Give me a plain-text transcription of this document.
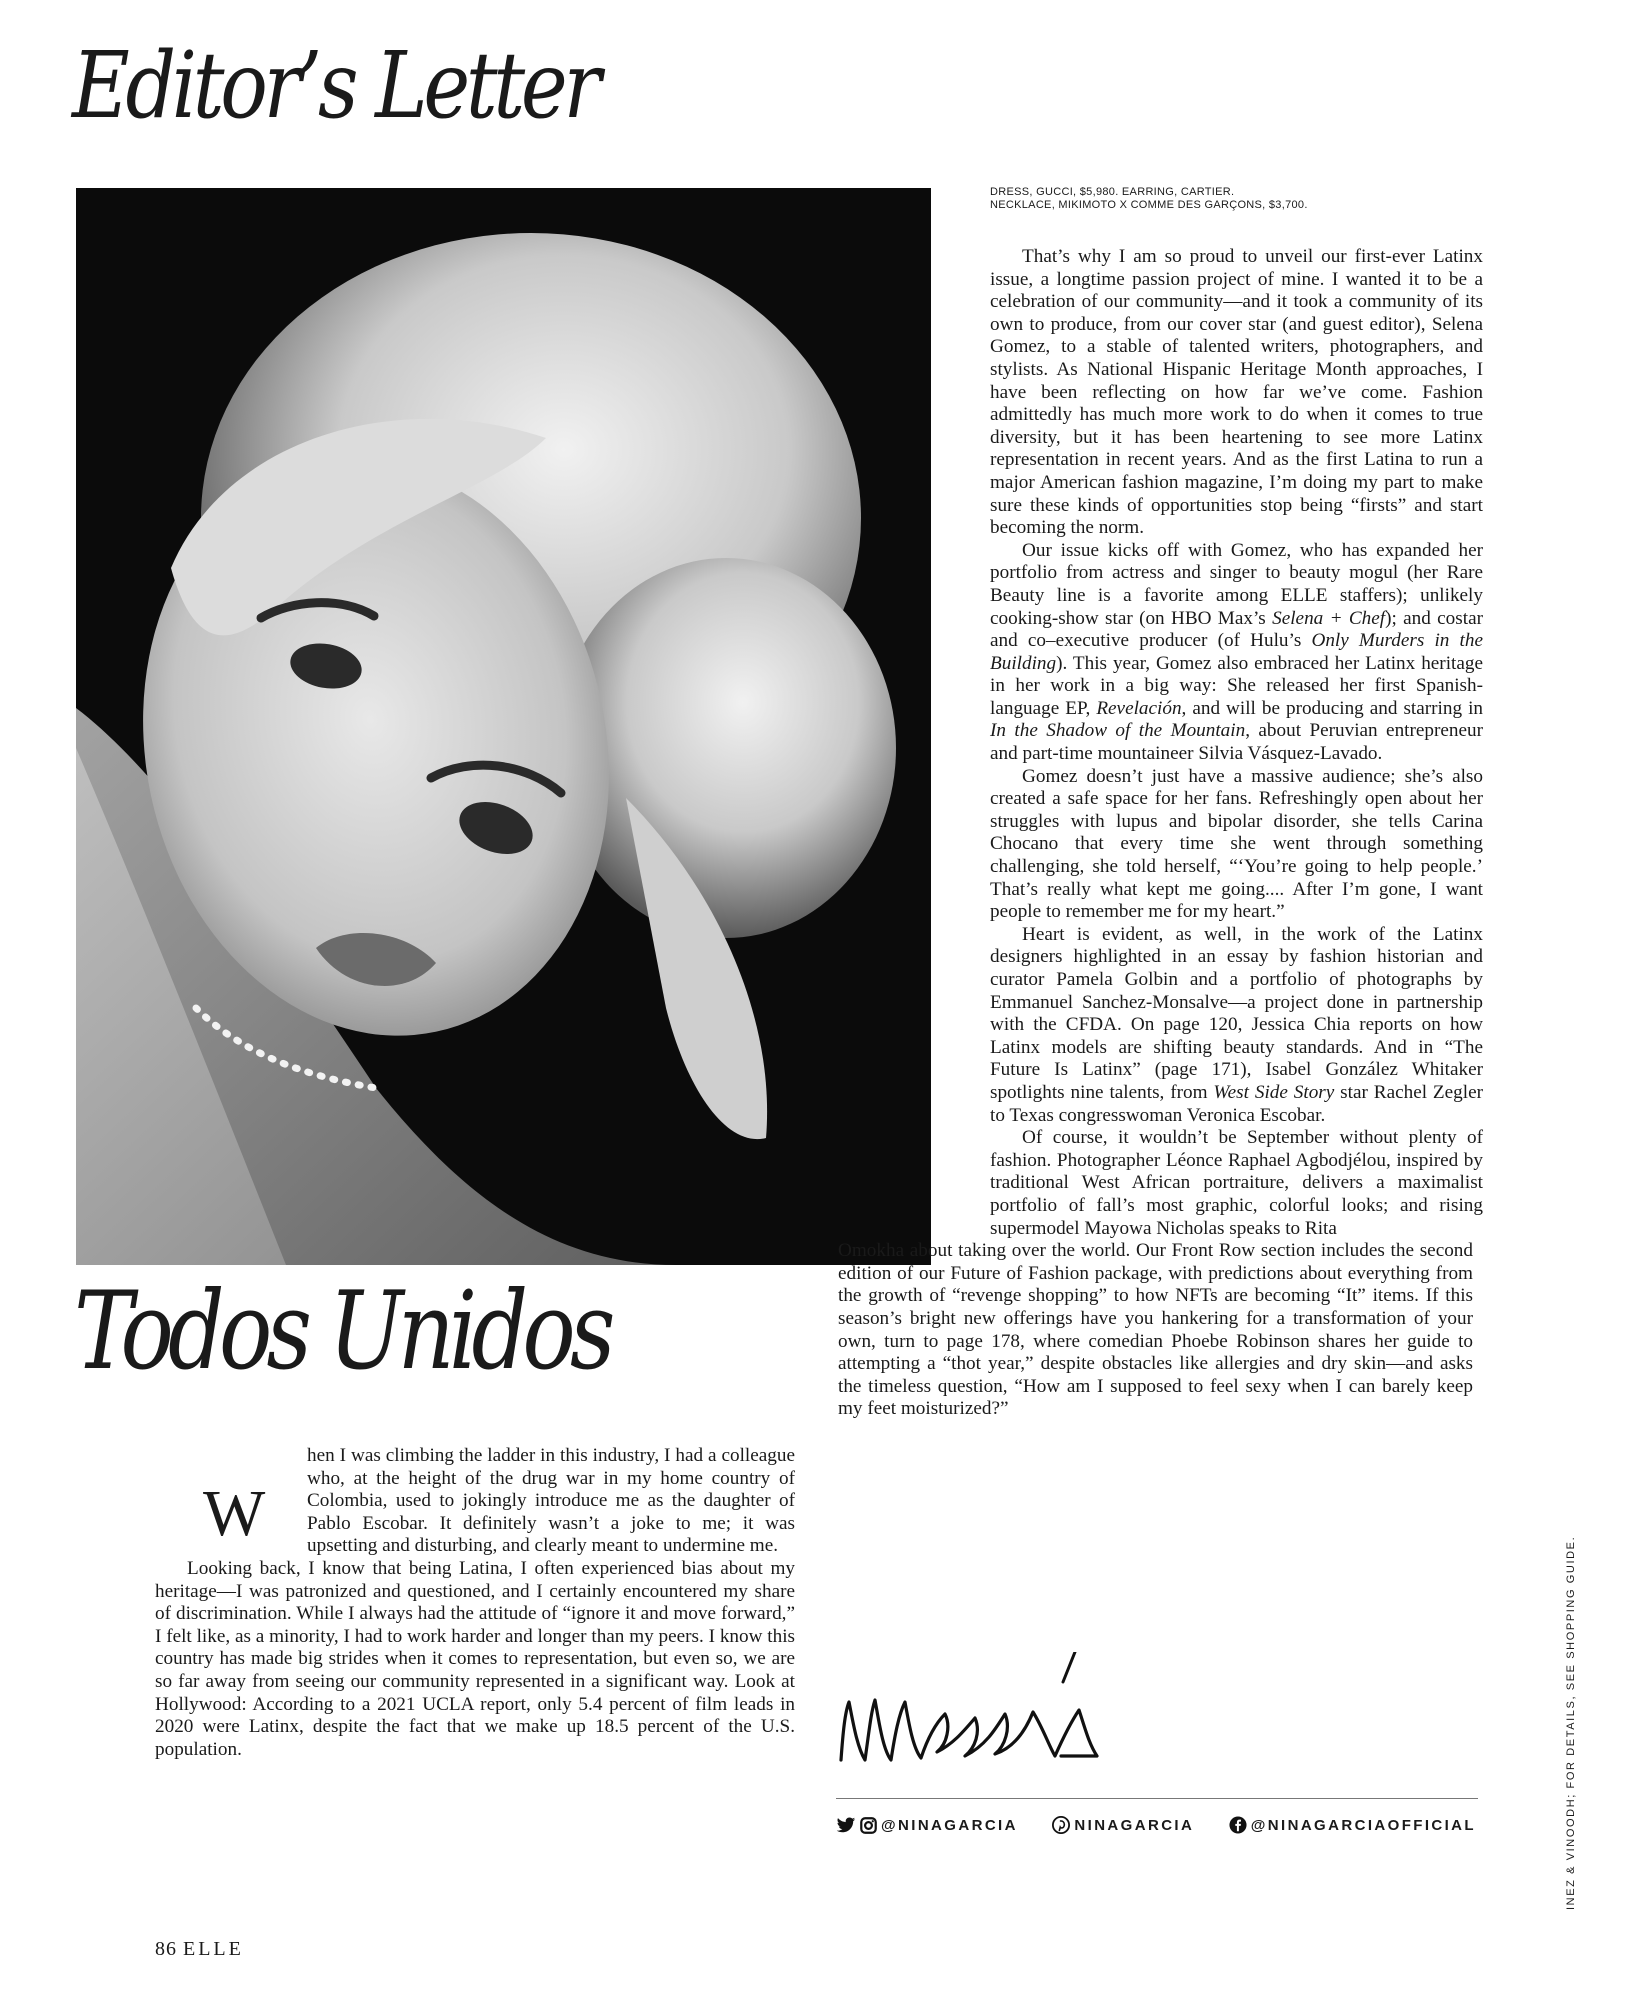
Editor’s Letter
DRESS, GUCCI, $5,980. EARRING, CARTIER.
NECKLACE, MIKIMOTO X COMME DES GARÇONS, $3,700.

That’s why I am so proud to unveil our first-ever Latinx issue, a longtime passion project of mine. I wanted it to be a celebration of our community—and it took a community of its own to produce, from our cover star (and guest editor), Selena Gomez, to a stable of talented writers, photographers, and stylists. As National Hispanic Heritage Month approaches, I have been reflecting on how far we’ve come. Fashion admittedly has much more work to do when it comes to true diversity, but it has been heartening to see more Latinx representation in recent years. And as the first Latina to run a major American fashion magazine, I’m doing my part to make sure these kinds of opportunities stop being “firsts” and start becoming the norm.

Our issue kicks off with Gomez, who has expanded her portfolio from actress and singer to beauty mogul (her Rare Beauty line is a favorite among ELLE staffers); unlikely cooking-show star (on HBO Max’s Selena + Chef); and costar and co–executive producer (of Hulu’s Only Murders in the Building). This year, Gomez also embraced her Latinx heritage in her work in a big way: She released her first Spanish-language EP, Revelación, and will be producing and starring in In the Shadow of the Mountain, about Peruvian entrepreneur and part-time mountaineer Silvia Vásquez-Lavado.

Gomez doesn’t just have a massive audience; she’s also created a safe space for her fans. Refreshingly open about her struggles with lupus and bipolar disorder, she tells Carina Chocano that every time she went through something challenging, she told herself, “‘You’re going to help people.’ That’s really what kept me going.... After I’m gone, I want people to remember me for my heart.”

Heart is evident, as well, in the work of the Latinx designers highlighted in an essay by fashion historian and curator Pamela Golbin and a portfolio of photographs by Emmanuel Sanchez-Monsalve—a project done in partnership with the CFDA. On page 120, Jessica Chia reports on how Latinx models are shifting beauty standards. And in “The Future Is Latinx” (page 171), Isabel González Whitaker spotlights nine talents, from West Side Story star Rachel Zegler to Texas congresswoman Veronica Escobar.

Of course, it wouldn’t be September without plenty of fashion. Photographer Léonce Raphael Agbodjélou, inspired by traditional West African portraiture, delivers a maximalist portfolio of fall’s most graphic, colorful looks; and rising supermodel Mayowa Nicholas speaks to Rita

Omokha about taking over the world. Our Front Row section includes the second edition of our Future of Fashion package, with predictions about everything from the growth of “revenge shopping” to how NFTs are becoming “It” items. If this season’s bright new offerings have you hankering for a transformation of your own, turn to page 178, where comedian Phoebe Robinson shares her guide to attempting a “thot year,” despite obstacles like allergies and dry skin—and asks the timeless question, “How am I supposed to feel sexy when I can barely keep my feet moisturized?”

Todos Unidos
W

hen I was climbing the ladder in this industry, I had a colleague who, at the height of the drug war in my home country of Colombia, used to jokingly introduce me as the daughter of Pablo Escobar. It definitely wasn’t a joke to me; it was upsetting and disturbing, and clearly meant to undermine me.

Looking back, I know that being Latina, I often experienced bias about my heritage—I was patronized and questioned, and I certainly encountered my share of discrimination. While I always had the attitude of “ignore it and move forward,” I felt like, as a minority, I had to work harder and longer than my peers. I know this country has made big strides when it comes to representation, but even so, we are so far away from seeing our community represented in a significant way. Look at Hollywood: According to a 2021 UCLA report, only 5.4 percent of film leads in 2020 were Latinx, despite the fact that we make up 18.5 percent of the U.S. population.

@NINAGARCIA	NINAGARCIA	@NINAGARCIAOFFICIAL	INEZ & VINOODH; FOR DETAILS, SEE SHOPPING GUIDE.
86 ELLE
